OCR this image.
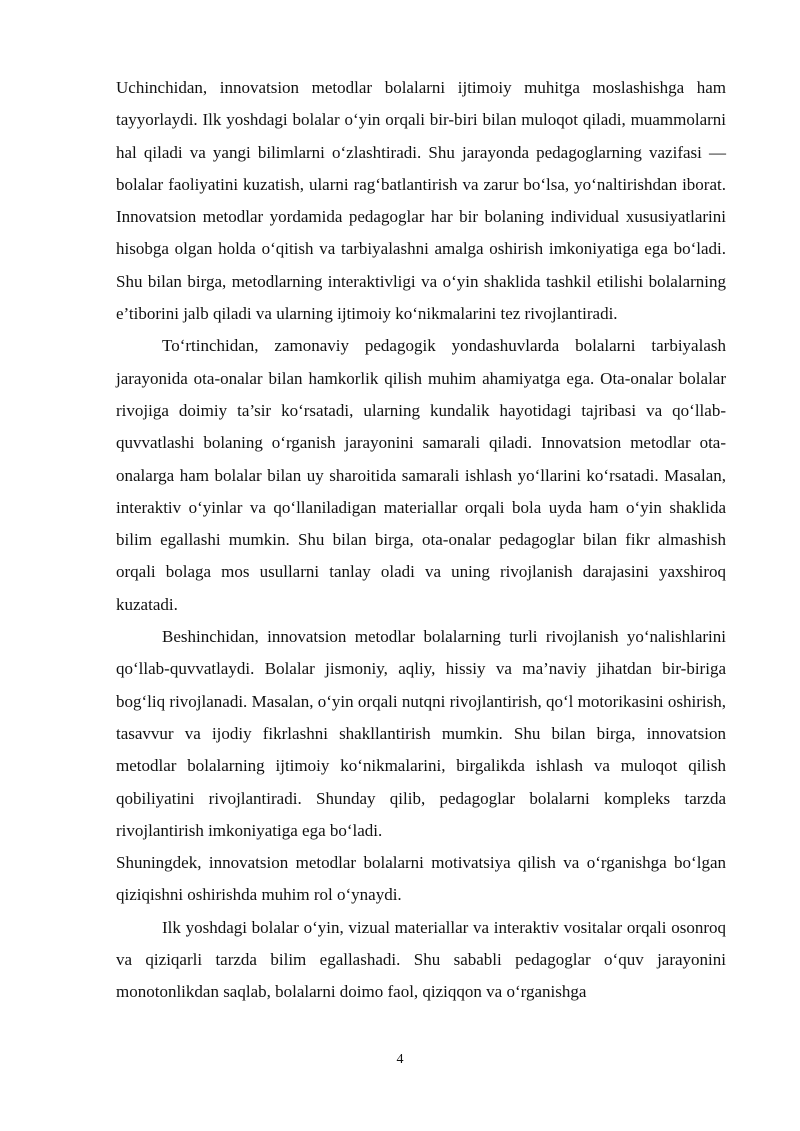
Uchinchidan, innovatsion metodlar bolalarni ijtimoiy muhitga moslashishga ham tayyorlaydi. Ilk yoshdagi bolalar o‘yin orqali bir-biri bilan muloqot qiladi, muammolarni hal qiladi va yangi bilimlarni o‘zlashtiradi. Shu jarayonda pedagoglarning vazifasi — bolalar faoliyatini kuzatish, ularni rag‘batlantirish va zarur bo‘lsa, yo‘naltirishdan iborat. Innovatsion metodlar yordamida pedagoglar har bir bolaning individual xususiyatlarini hisobga olgan holda o‘qitish va tarbiyalashni amalga oshirish imkoniyatiga ega bo‘ladi. Shu bilan birga, metodlarning interaktivligi va o‘yin shaklida tashkil etilishi bolalarning e’tiborini jalb qiladi va ularning ijtimoiy ko‘nikmalarini tez rivojlantiradi.

To‘rtinchidan, zamonaviy pedagogik yondashuvlarda bolalarni tarbiyalash jarayonida ota-onalar bilan hamkorlik qilish muhim ahamiyatga ega. Ota-onalar bolalar rivojiga doimiy ta’sir ko‘rsatadi, ularning kundalik hayotidagi tajribasi va qo‘llab-quvvatlashi bolaning o‘rganish jarayonini samarali qiladi. Innovatsion metodlar ota-onalarga ham bolalar bilan uy sharoitida samarali ishlash yo‘llarini ko‘rsatadi. Masalan, interaktiv o‘yinlar va qo‘llaniladigan materiallar orqali bola uyda ham o‘yin shaklida bilim egallashi mumkin. Shu bilan birga, ota-onalar pedagoglar bilan fikr almashish orqali bolaga mos usullarni tanlay oladi va uning rivojlanish darajasini yaxshiroq kuzatadi.

Beshinchidan, innovatsion metodlar bolalarning turli rivojlanish yo‘nalishlarini qo‘llab-quvvatlaydi. Bolalar jismoniy, aqliy, hissiy va ma’naviy jihatdan bir-biriga bog‘liq rivojlanadi. Masalan, o‘yin orqali nutqni rivojlantirish, qo‘l motorikasini oshirish, tasavvur va ijodiy fikrlashni shakllantirish mumkin. Shu bilan birga, innovatsion metodlar bolalarning ijtimoiy ko‘nikmalarini, birgalikda ishlash va muloqot qilish qobiliyatini rivojlantiradi. Shunday qilib, pedagoglar bolalarni kompleks tarzda rivojlantirish imkoniyatiga ega bo‘ladi.

Shuningdek, innovatsion metodlar bolalarni motivatsiya qilish va o‘rganishga bo‘lgan qiziqishni oshirishda muhim rol o‘ynaydi.

Ilk yoshdagi bolalar o‘yin, vizual materiallar va interaktiv vositalar orqali osonroq va qiziqarli tarzda bilim egallashadi. Shu sababli pedagoglar o‘quv jarayonini monotonlikdan saqlab, bolalarni doimo faol, qiziqqon va o‘rganishga

4
